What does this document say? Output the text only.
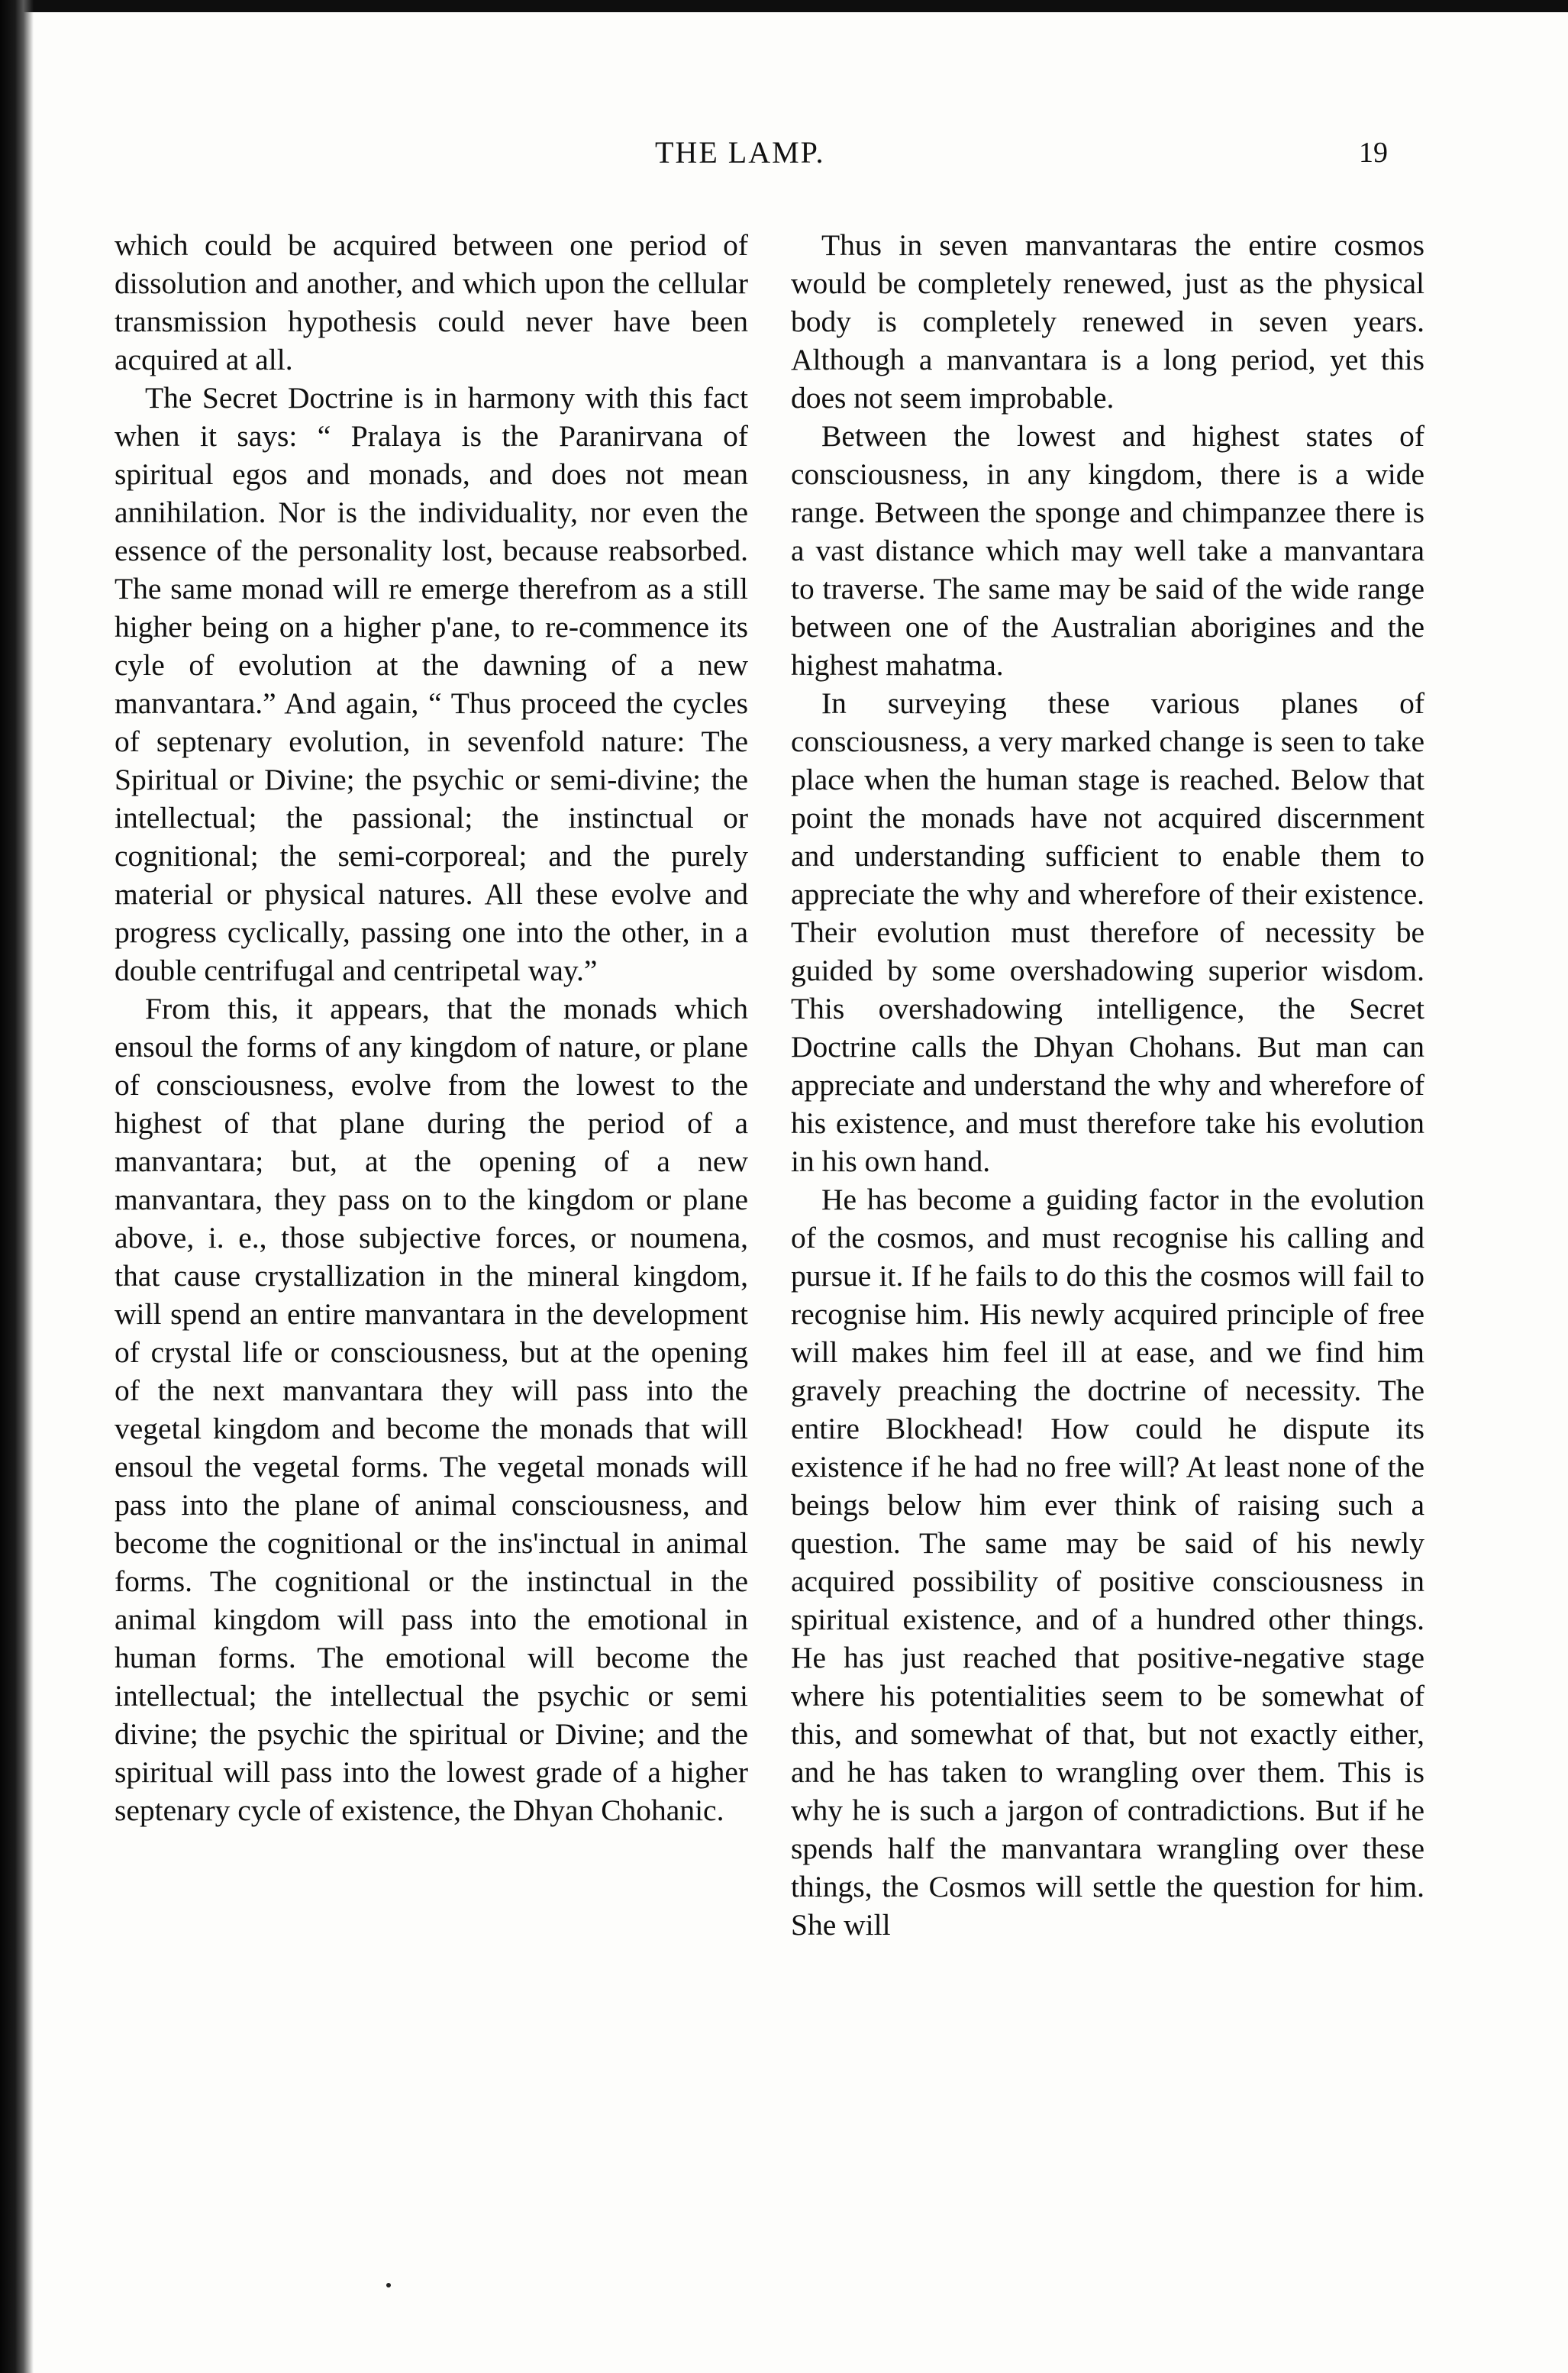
THE LAMP.	19

which could be acquired between one period of dissolution and another, and which upon the cellular transmission hypothesis could never have been acquired at all.

The Secret Doctrine is in harmony with this fact when it says: “ Pralaya is the Paranirvana of spiritual egos and monads, and does not mean annihilation. Nor is the individuality, nor even the essence of the personality lost, because reabsorbed. The same monad will re emerge therefrom as a still higher being on a higher p'ane, to re-commence its cyle of evolution at the dawning of a new manvantara.” And again, “ Thus proceed the cycles of septenary evolution, in sevenfold nature: The Spiritual or Divine; the psychic or semi-divine; the intellectual; the passional; the instinctual or cognitional; the semi-corporeal; and the purely material or physical natures. All these evolve and progress cyclically, passing one into the other, in a double centrifugal and centripetal way.”

From this, it appears, that the monads which ensoul the forms of any kingdom of nature, or plane of consciousness, evolve from the lowest to the highest of that plane during the period of a manvantara; but, at the opening of a new manvantara, they pass on to the kingdom or plane above, i. e., those subjective forces, or noumena, that cause crystallization in the mineral kingdom, will spend an entire manvantara in the development of crystal life or consciousness, but at the opening of the next manvantara they will pass into the vegetal kingdom and become the monads that will ensoul the vegetal forms. The vegetal monads will pass into the plane of animal consciousness, and become the cognitional or the ins'inctual in animal forms. The cognitional or the instinctual in the animal kingdom will pass into the emotional in human forms. The emotional will become the intellectual; the intellectual the psychic or semi divine; the psychic the spiritual or Divine; and the spiritual will pass into the lowest grade of a higher septenary cycle of existence, the Dhyan Chohanic.

Thus in seven manvantaras the entire cosmos would be completely renewed, just as the physical body is completely renewed in seven years. Although a manvantara is a long period, yet this does not seem improbable.

Between the lowest and highest states of consciousness, in any kingdom, there is a wide range. Between the sponge and chimpanzee there is a vast distance which may well take a manvantara to traverse. The same may be said of the wide range between one of the Australian aborigines and the highest mahatma.

In surveying these various planes of consciousness, a very marked change is seen to take place when the human stage is reached. Below that point the monads have not acquired discernment and understanding sufficient to enable them to appreciate the why and wherefore of their existence. Their evolution must therefore of necessity be guided by some overshadowing superior wisdom. This overshadowing intelligence, the Secret Doctrine calls the Dhyan Chohans. But man can appreciate and understand the why and wherefore of his existence, and must therefore take his evolution in his own hand.

He has become a guiding factor in the evolution of the cosmos, and must recognise his calling and pursue it. If he fails to do this the cosmos will fail to recognise him. His newly acquired principle of free will makes him feel ill at ease, and we find him gravely preaching the doctrine of necessity. The entire Blockhead! How could he dispute its existence if he had no free will? At least none of the beings below him ever think of raising such a question. The same may be said of his newly acquired possibility of positive consciousness in spiritual existence, and of a hundred other things. He has just reached that positive-negative stage where his potentialities seem to be somewhat of this, and somewhat of that, but not exactly either, and he has taken to wrangling over them. This is why he is such a jargon of contradictions. But if he spends half the manvantara wrangling over these things, the Cosmos will settle the question for him. She will
